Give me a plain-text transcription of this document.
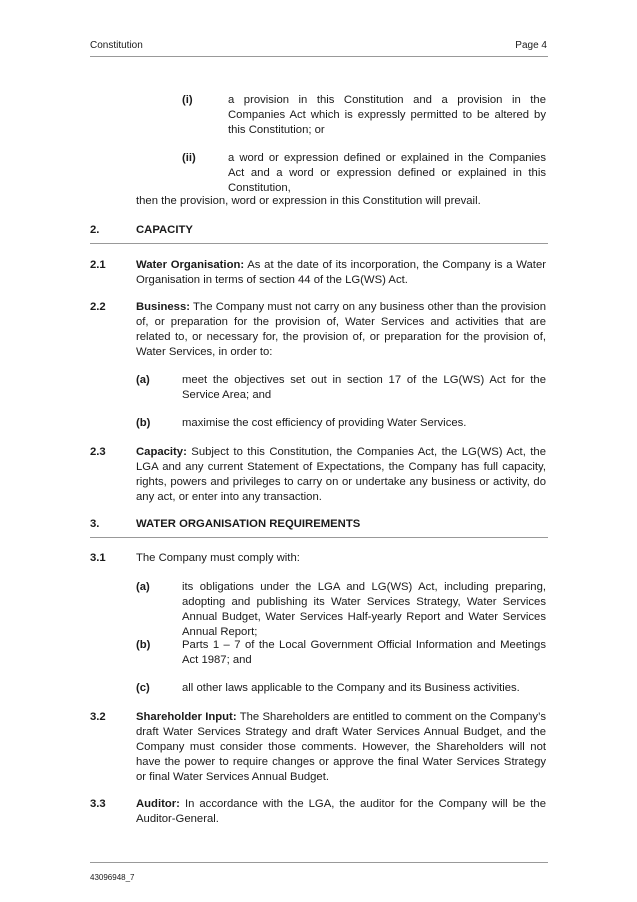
Constitution	Page 4
(i)	a provision in this Constitution and a provision in the Companies Act which is expressly permitted to be altered by this Constitution; or
(ii)	a word or expression defined or explained in the Companies Act and a word or expression defined or explained in this Constitution,
then the provision, word or expression in this Constitution will prevail.
2.	CAPACITY
2.1	Water Organisation: As at the date of its incorporation, the Company is a Water Organisation in terms of section 44 of the LG(WS) Act.
2.2	Business: The Company must not carry on any business other than the provision of, or preparation for the provision of, Water Services and activities that are related to, or necessary for, the provision of, or preparation for the provision of, Water Services, in order to:
(a)	meet the objectives set out in section 17 of the LG(WS) Act for the Service Area; and
(b)	maximise the cost efficiency of providing Water Services.
2.3	Capacity: Subject to this Constitution, the Companies Act, the LG(WS) Act, the LGA and any current Statement of Expectations, the Company has full capacity, rights, powers and privileges to carry on or undertake any business or activity, do any act, or enter into any transaction.
3.	WATER ORGANISATION REQUIREMENTS
3.1	The Company must comply with:
(a)	its obligations under the LGA and LG(WS) Act, including preparing, adopting and publishing its Water Services Strategy, Water Services Annual Budget, Water Services Half-yearly Report and Water Services Annual Report;
(b)	Parts 1 – 7 of the Local Government Official Information and Meetings Act 1987; and
(c)	all other laws applicable to the Company and its Business activities.
3.2	Shareholder Input: The Shareholders are entitled to comment on the Company’s draft Water Services Strategy and draft Water Services Annual Budget, and the Company must consider those comments. However, the Shareholders will not have the power to require changes or approve the final Water Services Strategy or final Water Services Annual Budget.
3.3	Auditor: In accordance with the LGA, the auditor for the Company will be the Auditor-General.
43096948_7
